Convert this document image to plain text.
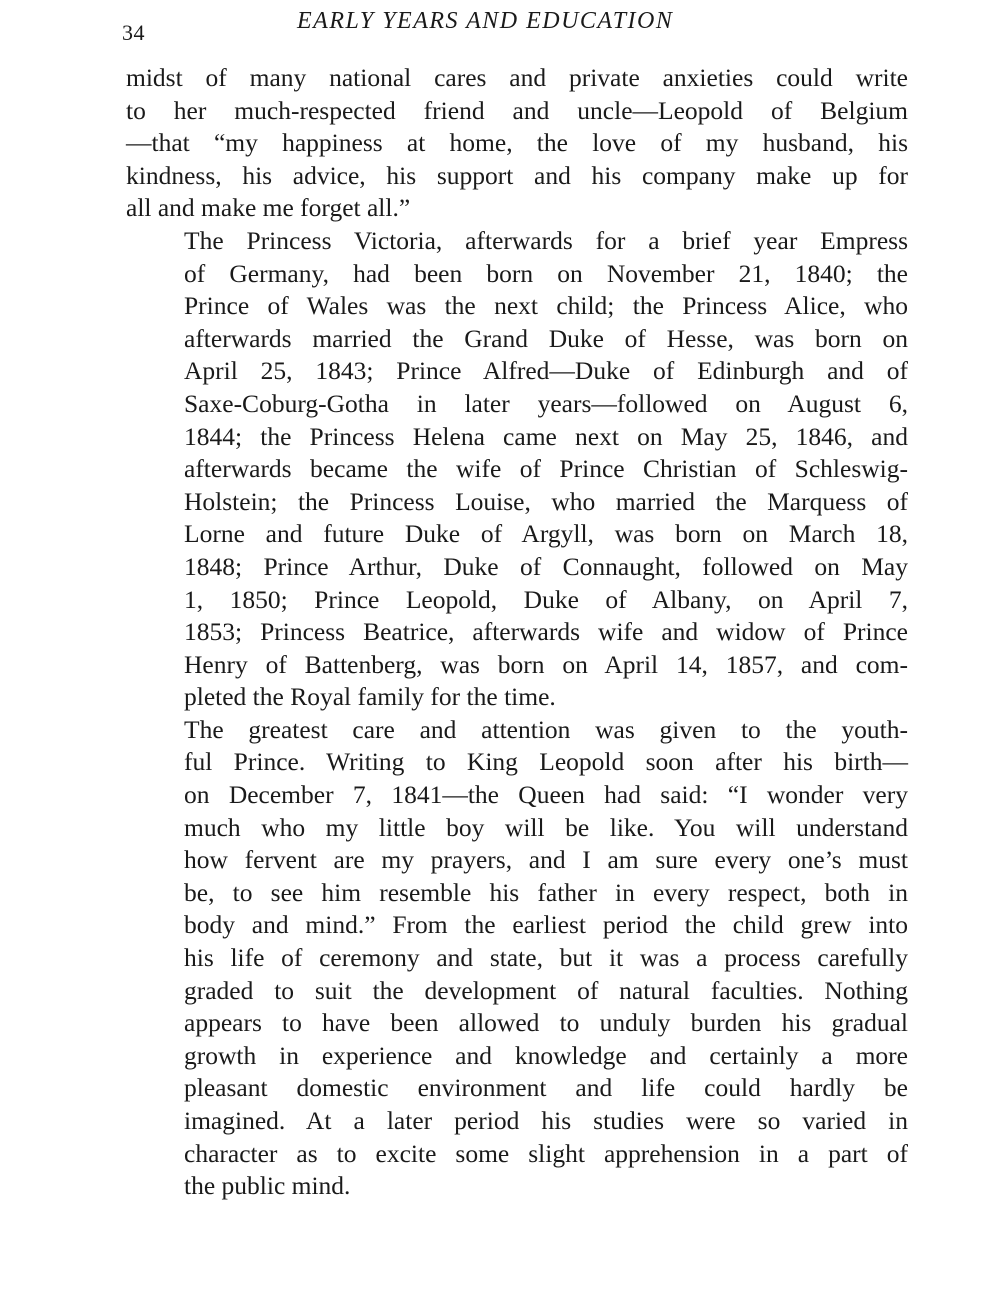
34	EARLY YEARS AND EDUCATION

midst of many national cares and private anxieties could write
to her much-respected friend and uncle—Leopold of Belgium
—that “my happiness at home, the love of my husband, his
kindness, his advice, his support and his company make up for
all and make me forget all.”

The Princess Victoria, afterwards for a brief year Empress
of Germany, had been born on November 21, 1840; the
Prince of Wales was the next child; the Princess Alice, who
afterwards married the Grand Duke of Hesse, was born on
April 25, 1843; Prince Alfred—Duke of Edinburgh and of
Saxe-Coburg-Gotha in later years—followed on August 6,
1844; the Princess Helena came next on May 25, 1846, and
afterwards became the wife of Prince Christian of Schleswig-
Holstein; the Princess Louise, who married the Marquess of
Lorne and future Duke of Argyll, was born on March 18,
1848; Prince Arthur, Duke of Connaught, followed on May
1, 1850; Prince Leopold, Duke of Albany, on April 7,
1853; Princess Beatrice, afterwards wife and widow of Prince
Henry of Battenberg, was born on April 14, 1857, and com-
pleted the Royal family for the time.

The greatest care and attention was given to the youth-
ful Prince. Writing to King Leopold soon after his birth—
on December 7, 1841—the Queen had said: “I wonder very
much who my little boy will be like. You will understand
how fervent are my prayers, and I am sure every one’s must
be, to see him resemble his father in every respect, both in
body and mind.” From the earliest period the child grew into
his life of ceremony and state, but it was a process carefully
graded to suit the development of natural faculties. Nothing
appears to have been allowed to unduly burden his gradual
growth in experience and knowledge and certainly a more
pleasant domestic environment and life could hardly be
imagined. At a later period his studies were so varied in
character as to excite some slight apprehension in a part of
the public mind.
